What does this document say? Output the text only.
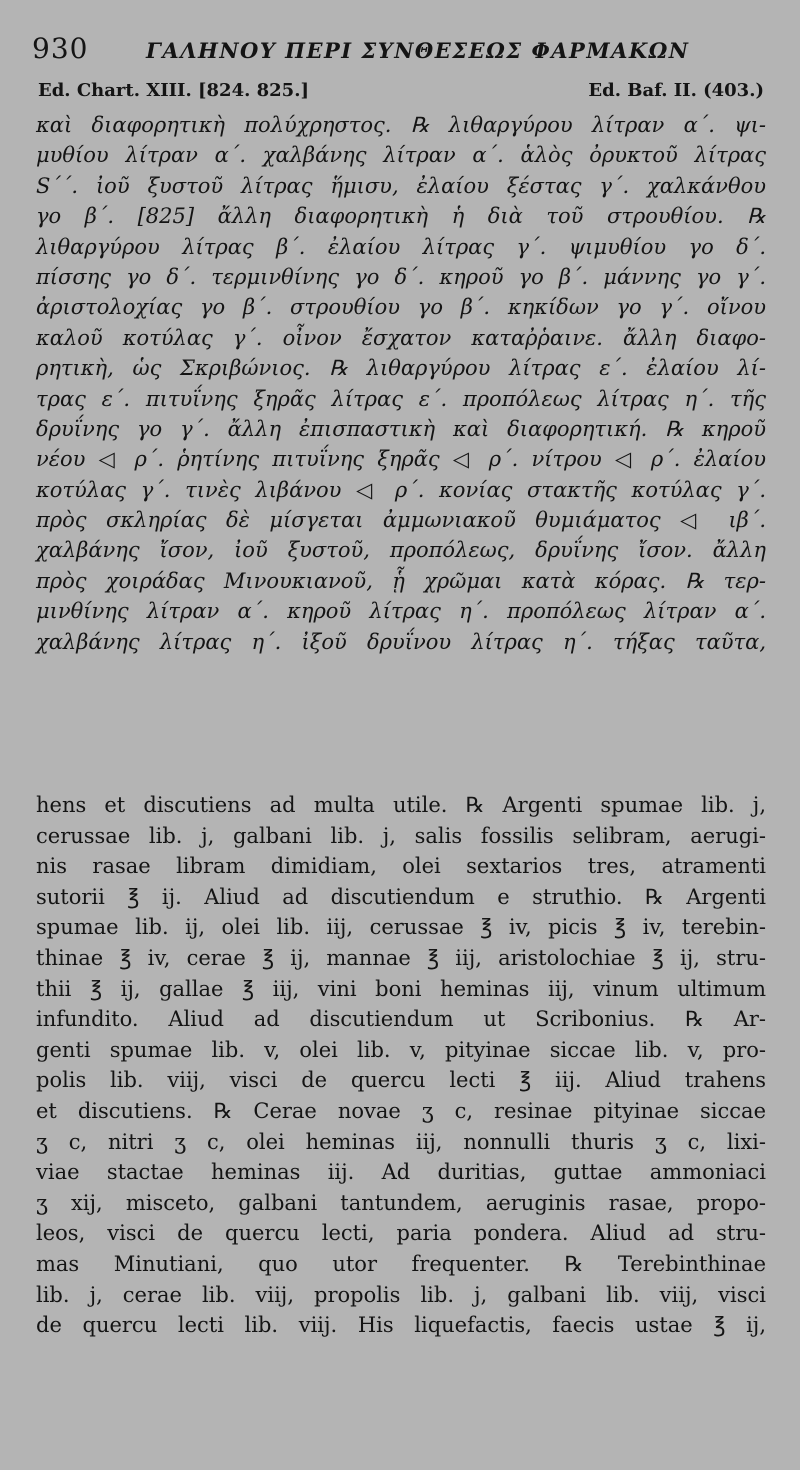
930	ΓΑΛΗΝΟΥ ΠΕΡΙ ΣΥΝΘΕΣΕΩΣ ΦΑΡΜΑΚΩΝ
Ed. Chart. XIII. [824. 825.]	Ed. Baf. II. (403.)
καὶ διαφορητικὴ πολύχρηστος. ℞ λιθαργύρου λίτραν α΄. ψι-
μυθίου λίτραν α΄. χαλβάνης λίτραν α΄. ἁλὸς ὀρυκτοῦ λίτρας
S΄΄. ἰοῦ ξυστοῦ λίτρας ἥμισυ, ἐλαίου ξέστας γ΄. χαλκάνθου
γο β΄. [825] ἄλλη διαφορητικὴ ἡ διὰ τοῦ στρουθίου. ℞
λιθαργύρου λίτρας β΄. ἐλαίου λίτρας γ΄. ψιμυθίου γο δ΄.
πίσσης γο δ΄. τερμινθίνης γο δ΄. κηροῦ γο β΄. μάννης γο γ΄.
ἀριστολοχίας γο β΄. στρουθίου γο β΄. κηκίδων γο γ΄. οἴνου
καλοῦ κοτύλας γ΄. οἶνον ἔσχατον καταῤῥαινε. ἄλλη διαφο-
ρητικὴ, ὡς Σκριβώνιος. ℞ λιθαργύρου λίτρας ε΄. ἐλαίου λί-
τρας ε΄. πιτυΐνης ξηρᾶς λίτρας ε΄. προπόλεως λίτρας η΄. τῆς
δρυΐνης γο γ΄. ἄλλη ἐπισπαστικὴ καὶ διαφορητική. ℞ κηροῦ
νέου ◁ ρ΄. ῥητίνης πιτυΐνης ξηρᾶς ◁ ρ΄. νίτρου ◁ ρ΄. ἐλαίου
κοτύλας γ΄. τινὲς λιβάνου ◁ ρ΄. κονίας στακτῆς κοτύλας γ΄.
πρὸς σκληρίας δὲ μίσγεται ἀμμωνιακοῦ θυμιάματος ◁ ιβ΄.
χαλβάνης ἴσον, ἰοῦ ξυστοῦ, προπόλεως, δρυΐνης ἴσον. ἄλλη
πρὸς χοιράδας Μινουκιανοῦ, ᾗ χρῶμαι κατὰ κόρας. ℞ τερ-
μινθίνης λίτραν α΄. κηροῦ λίτρας η΄. προπόλεως λίτραν α΄.
χαλβάνης λίτρας η΄. ἰξοῦ δρυΐνου λίτρας η΄. τήξας ταῦτα,
hens et discutiens ad multa utile. ℞ Argenti spumae lib. j,
cerussae lib. j, galbani lib. j, salis fossilis selibram, aerugi-
nis rasae libram dimidiam, olei sextarios tres, atramenti
sutorii ℥ ij. Aliud ad discutiendum e struthio. ℞ Argenti
spumae lib. ij, olei lib. iij, cerussae ℥ iv, picis ℥ iv, terebin-
thinae ℥ iv, cerae ℥ ij, mannae ℥ iij, aristolochiae ℥ ij, stru-
thii ℥ ij, gallae ℥ iij, vini boni heminas iij, vinum ultimum
infundito. Aliud ad discutiendum ut Scribonius. ℞ Ar-
genti spumae lib. v, olei lib. v, pityinae siccae lib. v, pro-
polis lib. viij, visci de quercu lecti ℥ iij. Aliud trahens
et discutiens. ℞ Cerae novae ʒ c, resinae pityinae siccae
ʒ c, nitri ʒ c, olei heminas iij, nonnulli thuris ʒ c, lixi-
viae stactae heminas iij. Ad duritias, guttae ammoniaci
ʒ xij, misceto, galbani tantundem, aeruginis rasae, propo-
leos, visci de quercu lecti, paria pondera. Aliud ad stru-
mas Minutiani, quo utor frequenter. ℞ Terebinthinae
lib. j, cerae lib. viij, propolis lib. j, galbani lib. viij, visci
de quercu lecti lib. viij. His liquefactis, faecis ustae ℥ ij,
